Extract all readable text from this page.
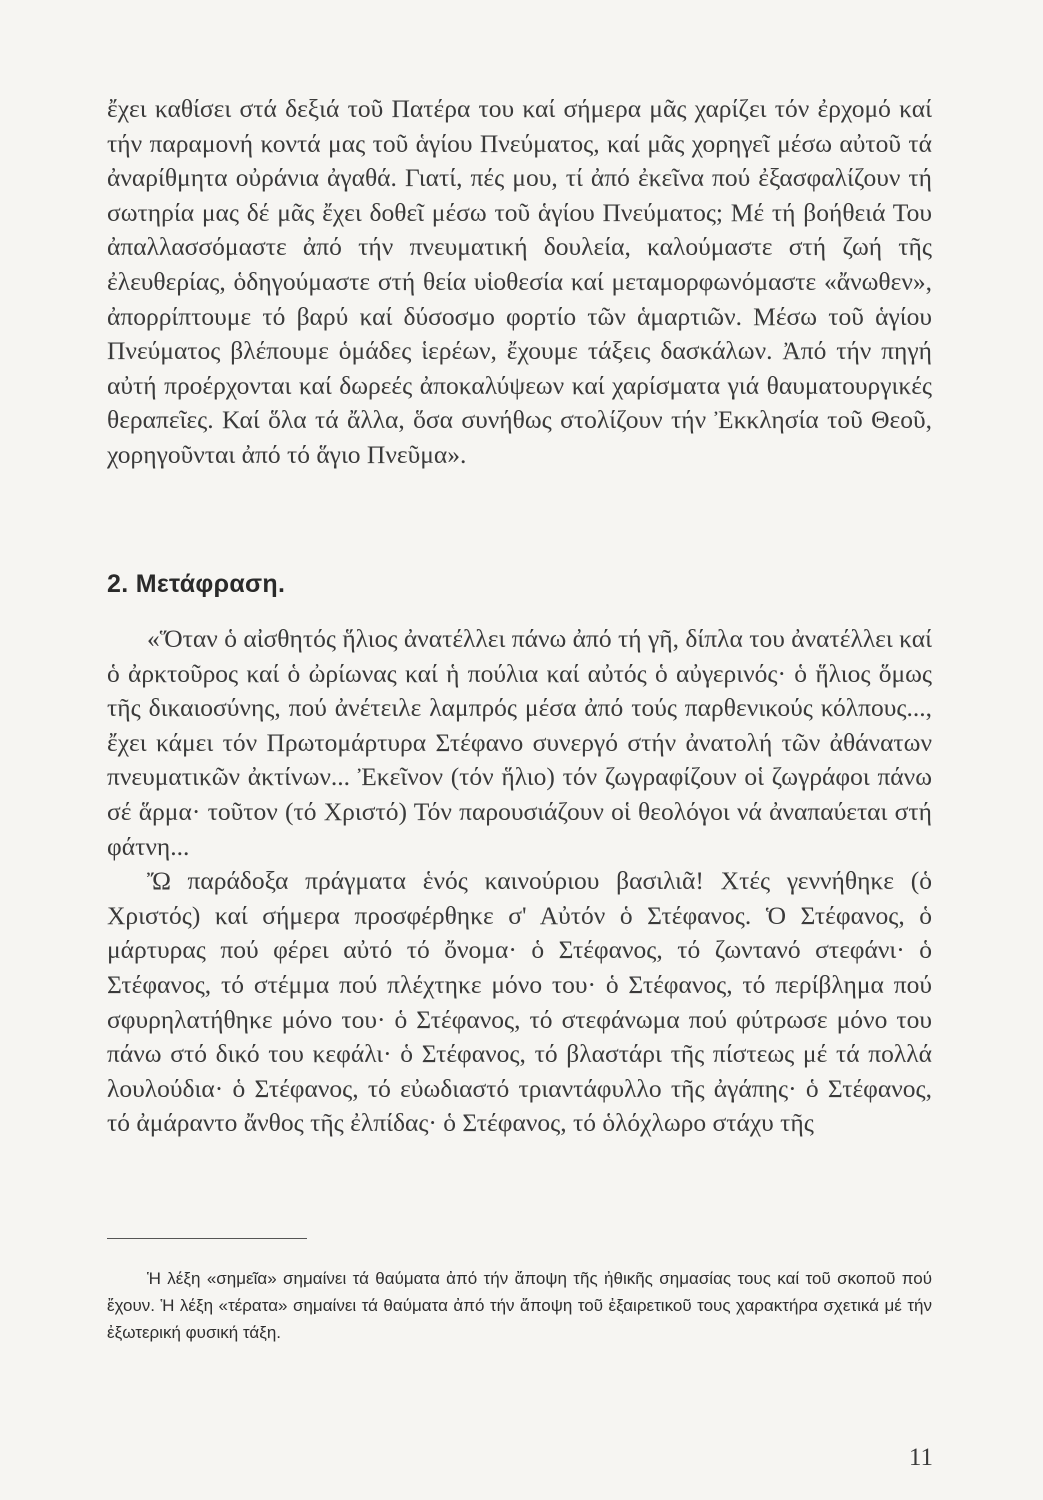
ἔχει καθίσει στά δεξιά τοῦ Πατέρα του καί σήμερα μᾶς χαρίζει τόν ἐρχομό καί τήν παραμονή κοντά μας τοῦ ἁγίου Πνεύματος, καί μᾶς χορηγεῖ μέσω αὐτοῦ τά ἀναρίθμητα οὐράνια ἀγαθά. Γιατί, πές μου, τί ἀπό ἐκεῖνα πού ἐξασφαλίζουν τή σωτηρία μας δέ μᾶς ἔχει δοθεῖ μέσω τοῦ ἁγίου Πνεύματος; Μέ τή βοήθειά Του ἀπαλλασσόμαστε ἀπό τήν πνευματική δουλεία, καλούμαστε στή ζωή τῆς ἐλευθερίας, ὁδηγούμαστε στή θεία υἱοθεσία καί μεταμορφωνόμαστε «ἄνωθεν», ἀπορρίπτουμε τό βαρύ καί δύσοσμο φορτίο τῶν ἁμαρτιῶν. Μέσω τοῦ ἁγίου Πνεύματος βλέπουμε ὁμάδες ἱερέων, ἔχουμε τάξεις δασκάλων. Ἀπό τήν πηγή αὐτή προέρχονται καί δωρεές ἀποκαλύψεων καί χαρίσματα γιά θαυματουργικές θεραπεῖες. Καί ὅλα τά ἄλλα, ὅσα συνήθως στολίζουν τήν Ἐκκλησία τοῦ Θεοῦ, χορηγοῦνται ἀπό τό ἅγιο Πνεῦμα».

2. Μετάφραση.

«Ὅταν ὁ αἰσθητός ἥλιος ἀνατέλλει πάνω ἀπό τή γῆ, δίπλα του ἀνατέλλει καί ὁ ἀρκτοῦρος καί ὁ ὠρίωνας καί ἡ πούλια καί αὐτός ὁ αὐγερινός· ὁ ἥλιος ὅμως τῆς δικαιοσύνης, πού ἀνέτειλε λαμπρός μέσα ἀπό τούς παρθενικούς κόλπους..., ἔχει κάμει τόν Πρωτομάρτυρα Στέφανο συνεργό στήν ἀνατολή τῶν ἀθάνατων πνευματικῶν ἀκτίνων... Ἐκεῖνον (τόν ἥλιο) τόν ζωγραφίζουν οἱ ζωγράφοι πάνω σέ ἅρμα· τοῦτον (τό Χριστό) Τόν παρουσιάζουν οἱ θεολόγοι νά ἀναπαύεται στή φάτνη...

Ὤ παράδοξα πράγματα ἑνός καινούριου βασιλιᾶ! Χτές γεννήθηκε (ὁ Χριστός) καί σήμερα προσφέρθηκε σ' Αὐτόν ὁ Στέφανος. Ὁ Στέφανος, ὁ μάρτυρας πού φέρει αὐτό τό ὄνομα· ὁ Στέφανος, τό ζωντανό στεφάνι· ὁ Στέφανος, τό στέμμα πού πλέχτηκε μόνο του· ὁ Στέφανος, τό περίβλημα πού σφυρηλατήθηκε μόνο του· ὁ Στέφανος, τό στεφάνωμα πού φύτρωσε μόνο του πάνω στό δικό του κεφάλι· ὁ Στέφανος, τό βλαστάρι τῆς πίστεως μέ τά πολλά λουλούδια· ὁ Στέφανος, τό εὐωδιαστό τριαντάφυλλο τῆς ἀγάπης· ὁ Στέφανος, τό ἀμάραντο ἄνθος τῆς ἐλπίδας· ὁ Στέφανος, τό ὁλόχλωρο στάχυ τῆς

Ἡ λέξη «σημεῖα» σημαίνει τά θαύματα ἀπό τήν ἄποψη τῆς ἠθικῆς σημασίας τους καί τοῦ σκοποῦ πού ἔχουν. Ἡ λέξη «τέρατα» σημαίνει τά θαύματα ἀπό τήν ἄποψη τοῦ ἐξαιρετικοῦ τους χαρακτήρα σχετικά μέ τήν ἐξωτερική φυσική τάξη.

11
